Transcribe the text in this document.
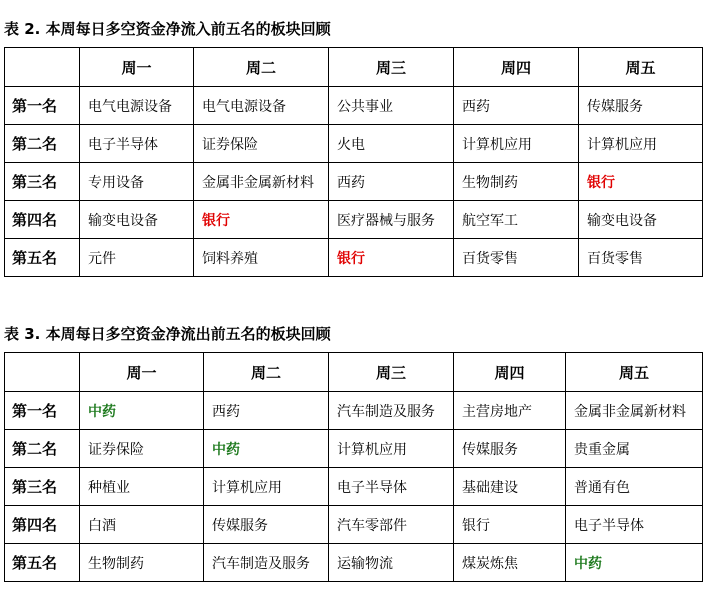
表 2. 本周每日多空资金净流入前五名的板块回顾
	周一	周二	周三	周四	周五
第一名	电气电源设备	电气电源设备	公共事业	西药	传媒服务
第二名	电子半导体	证券保险	火电	计算机应用	计算机应用
第三名	专用设备	金属非金属新材料	西药	生物制药	银行
第四名	输变电设备	银行	医疗器械与服务	航空军工	输变电设备
第五名	元件	饲料养殖	银行	百货零售	百货零售
表 3. 本周每日多空资金净流出前五名的板块回顾
	周一	周二	周三	周四	周五
第一名	中药	西药	汽车制造及服务	主营房地产	金属非金属新材料
第二名	证券保险	中药	计算机应用	传媒服务	贵重金属
第三名	种植业	计算机应用	电子半导体	基础建设	普通有色
第四名	白酒	传媒服务	汽车零部件	银行	电子半导体
第五名	生物制药	汽车制造及服务	运输物流	煤炭炼焦	中药
